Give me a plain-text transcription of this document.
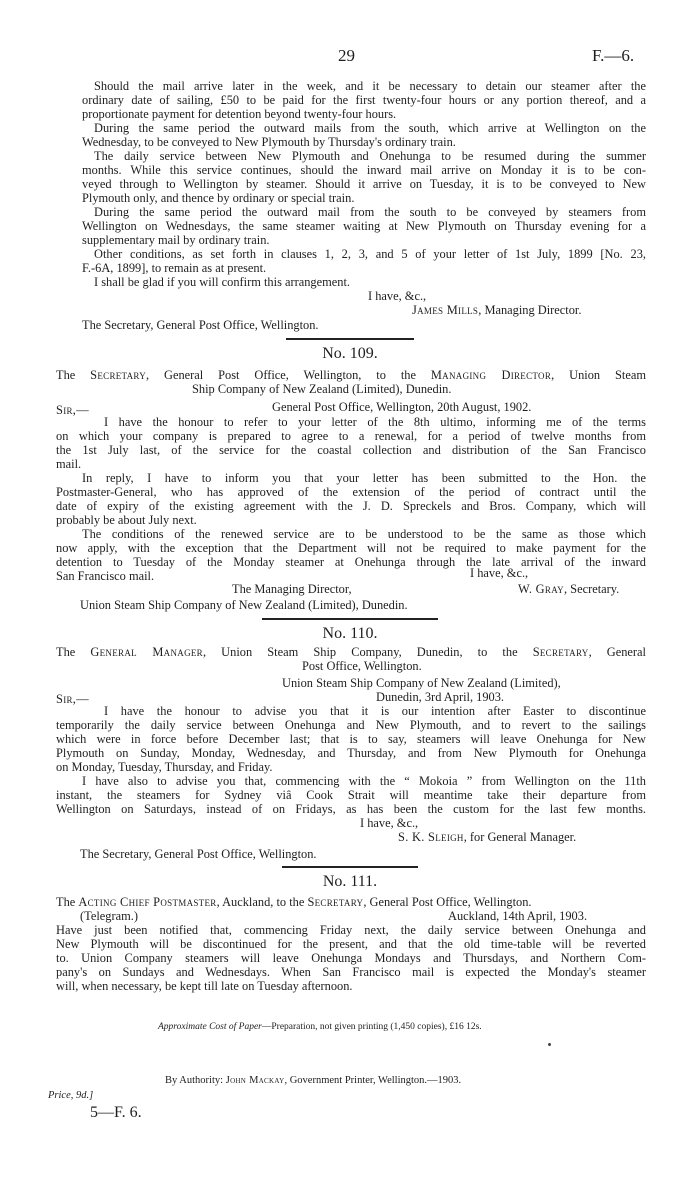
29	F.—6.
Should the mail arrive later in the week, and it be necessary to detain our steamer after the
ordinary date of sailing, £50 to be paid for the first twenty-four hours or any portion thereof, and a
proportionate payment for detention beyond twenty-four hours.
During the same period the outward mails from the south, which arrive at Wellington on the
Wednesday, to be conveyed to New Plymouth by Thursday's ordinary train.
The daily service between New Plymouth and Onehunga to be resumed during the summer
months. While this service continues, should the inward mail arrive on Monday it is to be con-
veyed through to Wellington by steamer. Should it arrive on Tuesday, it is to be conveyed to New
Plymouth only, and thence by ordinary or special train.
During the same period the outward mail from the south to be conveyed by steamers from
Wellington on Wednesdays, the same steamer waiting at New Plymouth on Thursday evening for a
supplementary mail by ordinary train.
Other conditions, as set forth in clauses 1, 2, 3, and 5 of your letter of 1st July, 1899 [No. 23,
F.-6A, 1899], to remain as at present.
I shall be glad if you will confirm this arrangement.
I have, &c.,
James Mills, Managing Director.
The Secretary, General Post Office, Wellington.
No. 109.
The Secretary, General Post Office, Wellington, to the Managing Director, Union Steam
Ship Company of New Zealand (Limited), Dunedin.
Sir,—	General Post Office, Wellington, 20th August, 1902.
I have the honour to refer to your letter of the 8th ultimo, informing me of the terms
on which your company is prepared to agree to a renewal, for a period of twelve months from
the 1st July last, of the service for the coastal collection and distribution of the San Francisco
mail.
In reply, I have to inform you that your letter has been submitted to the Hon. the
Postmaster-General, who has approved of the extension of the period of contract until the
date of expiry of the existing agreement with the J. D. Spreckels and Bros. Company, which will
probably be about July next.
The conditions of the renewed service are to be understood to be the same as those which
now apply, with the exception that the Department will not be required to make payment for the
detention to Tuesday of the Monday steamer at Onehunga through the late arrival of the inward
San Francisco mail.	I have, &c.,
The Managing Director,	W. Gray, Secretary.
Union Steam Ship Company of New Zealand (Limited), Dunedin.
No. 110.
The General Manager, Union Steam Ship Company, Dunedin, to the Secretary, General
Post Office, Wellington.
Union Steam Ship Company of New Zealand (Limited),
Sir,—	Dunedin, 3rd April, 1903.
I have the honour to advise you that it is our intention after Easter to discontinue
temporarily the daily service between Onehunga and New Plymouth, and to revert to the sailings
which were in force before December last; that is to say, steamers will leave Onehunga for New
Plymouth on Sunday, Monday, Wednesday, and Thursday, and from New Plymouth for Onehunga
on Monday, Tuesday, Thursday, and Friday.
I have also to advise you that, commencing with the “ Mokoia ” from Wellington on the 11th
instant, the steamers for Sydney viâ Cook Strait will meantime take their departure from
Wellington on Saturdays, instead of on Fridays, as has been the custom for the last few months.
I have, &c.,
S. K. Sleigh, for General Manager.
The Secretary, General Post Office, Wellington.
No. 111.
The Acting Chief Postmaster, Auckland, to the Secretary, General Post Office, Wellington.
(Telegram.)	Auckland, 14th April, 1903.
Have just been notified that, commencing Friday next, the daily service between Onehunga and
New Plymouth will be discontinued for the present, and that the old time-table will be reverted
to. Union Company steamers will leave Onehunga Mondays and Thursdays, and Northern Com-
pany's on Sundays and Wednesdays. When San Francisco mail is expected the Monday's steamer
will, when necessary, be kept till late on Tuesday afternoon.
Approximate Cost of Paper—Preparation, not given printing (1,450 copies), £16 12s.
By Authority: John Mackay, Government Printer, Wellington.—1903.
Price, 9d.]
5—F. 6.
